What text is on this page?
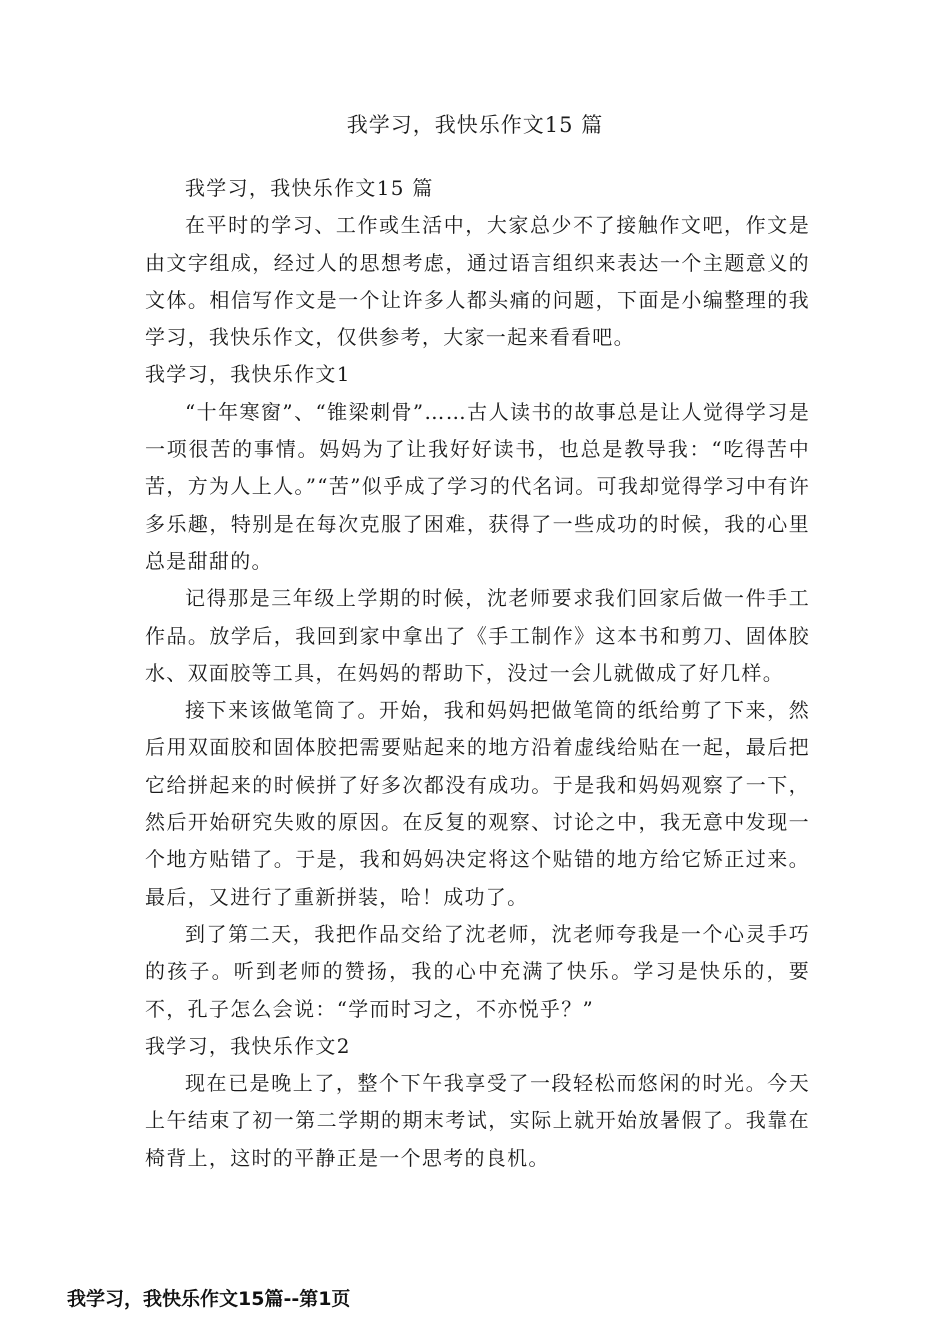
我学习，我快乐作文15 篇

我学习，我快乐作文15 篇

在平时的学习、工作或生活中，大家总少不了接触作文吧，作文是由文字组成，经过人的思想考虑，通过语言组织来表达一个主题意义的文体。相信写作文是一个让许多人都头痛的问题，下面是小编整理的我学习，我快乐作文，仅供参考，大家一起来看看吧。

我学习，我快乐作文1

“十年寒窗”、“锥梁刺骨”……古人读书的故事总是让人觉得学习是一项很苦的事情。妈妈为了让我好好读书，也总是教导我：“吃得苦中苦，方为人上人。”“苦”似乎成了学习的代名词。可我却觉得学习中有许多乐趣，特别是在每次克服了困难，获得了一些成功的时候，我的心里总是甜甜的。

记得那是三年级上学期的时候，沈老师要求我们回家后做一件手工作品。放学后，我回到家中拿出了《手工制作》这本书和剪刀、固体胶水、双面胶等工具，在妈妈的帮助下，没过一会儿就做成了好几样。

接下来该做笔筒了。开始，我和妈妈把做笔筒的纸给剪了下来，然后用双面胶和固体胶把需要贴起来的地方沿着虚线给贴在一起，最后把它给拼起来的时候拼了好多次都没有成功。于是我和妈妈观察了一下，然后开始研究失败的原因。在反复的观察、讨论之中，我无意中发现一个地方贴错了。于是，我和妈妈决定将这个贴错的地方给它矫正过来。最后，又进行了重新拼装，哈！成功了。

到了第二天，我把作品交给了沈老师，沈老师夸我是一个心灵手巧的孩子。听到老师的赞扬，我的心中充满了快乐。学习是快乐的，要不，孔子怎么会说：“学而时习之，不亦悦乎？”

我学习，我快乐作文2

现在已是晚上了，整个下午我享受了一段轻松而悠闲的时光。今天上午结束了初一第二学期的期末考试，实际上就开始放暑假了。我靠在椅背上，这时的平静正是一个思考的良机。

我学习，我快乐作文15篇--第1页
